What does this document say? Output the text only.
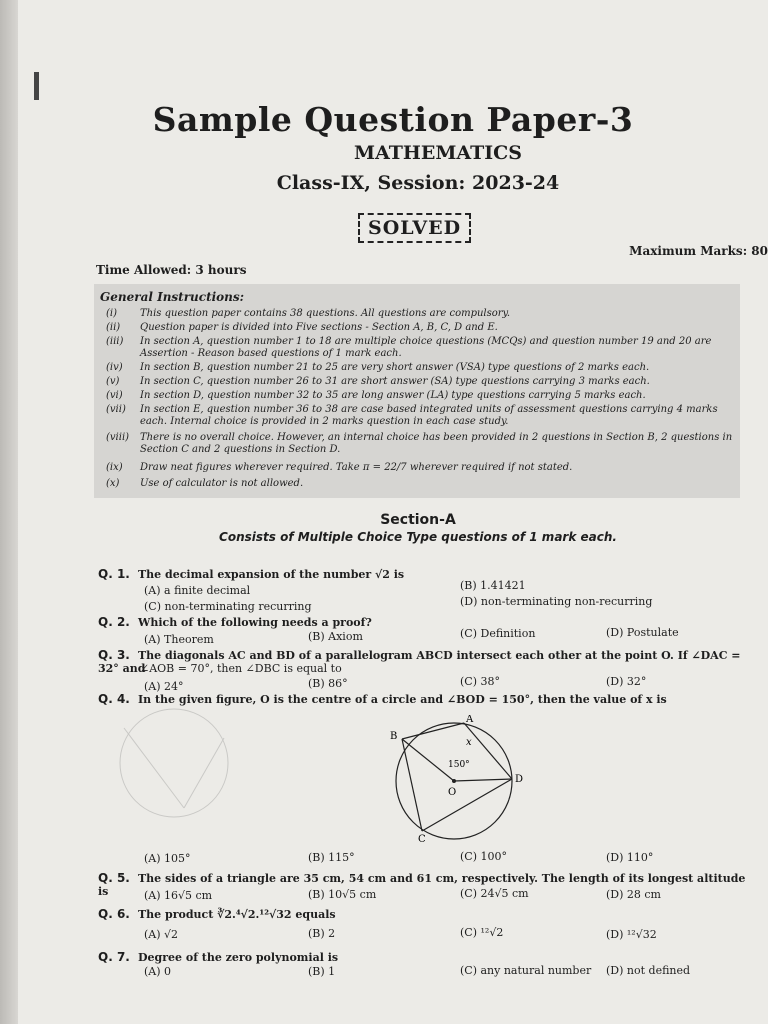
Sample Question Paper-3
MATHEMATICS
Class-IX, Session: 2023-24
SOLVED
Time Allowed: 3 hours
Maximum Marks: 80
General Instructions:
(i) This question paper contains 38 questions. All questions are compulsory.
(ii) Question paper is divided into Five sections - Section A, B, C, D and E.
(iii) In section A, question number 1 to 18 are multiple choice questions (MCQs) and question number 19 and 20 are Assertion - Reason based questions of 1 mark each.
(iv) In section B, question number 21 to 25 are very short answer (VSA) type questions of 2 marks each.
(v) In section C, question number 26 to 31 are short answer (SA) type questions carrying 3 marks each.
(vi) In section D, question number 32 to 35 are long answer (LA) type questions carrying 5 marks each.
(vii) In section E, question number 36 to 38 are case based integrated units of assessment questions carrying 4 marks each. Internal choice is provided in 2 marks question in each case study.
(viii) There is no overall choice. However, an internal choice has been provided in 2 questions in Section B, 2 questions in Section C and 2 questions in Section D.
(ix) Draw neat figures wherever required. Take π = 22/7 wherever required if not stated.
(x) Use of calculator is not allowed.
Section-A
Consists of Multiple Choice Type questions of 1 mark each.
Q. 1. The decimal expansion of the number √2 is
(A) a finite decimal	(B) 1.41421
(C) non-terminating recurring	(D) non-terminating non-recurring
Q. 2. Which of the following needs a proof?
(A) Theorem	(B) Axiom	(C) Definition	(D) Postulate
Q. 3. The diagonals AC and BD of a parallelogram ABCD intersect each other at the point O. If ∠DAC = 32° and
∠AOB = 70°, then ∠DBC is equal to
(A) 24°	(B) 86°	(C) 38°	(D) 32°
Q. 4. In the given figure, O is the centre of a circle and ∠BOD = 150°, then the value of x is
A
B
C
D
O
x
150°
(A) 105°	(B) 115°	(C) 100°	(D) 110°
Q. 5. The sides of a triangle are 35 cm, 54 cm and 61 cm, respectively. The length of its longest altitude is	(A) 16√5 cm	(B) 10√5 cm	(C) 24√5 cm	(D) 28 cm
Q. 6. The product ∛2.⁴√2.¹²√32 equals
(A) √2	(B) 2	(C) ¹²√2	(D) ¹²√32
Q. 7. Degree of the zero polynomial is
(A) 0	(B) 1	(C) any natural number (D) not defined
